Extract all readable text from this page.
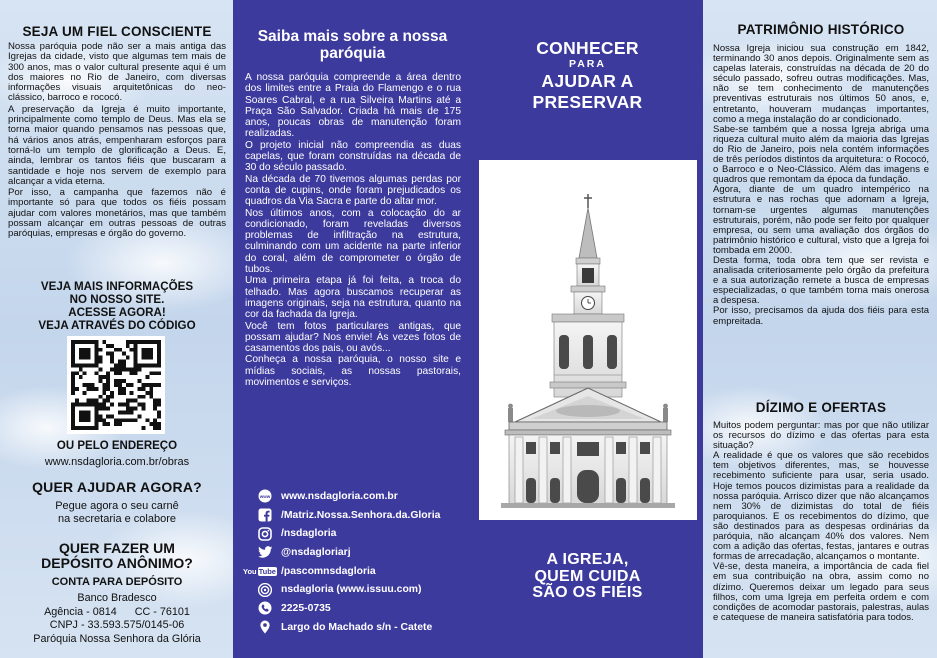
SEJA UM FIEL CONSCIENTE

Nossa paróquia pode não ser a mais antiga das Igrejas da cidade, visto que algumas tem mais de 300 anos, mas o valor cultural presente aqui é um dos maiores no Rio de Janeiro, com diversas informações visuais arquitetônicas do neo-clássico, barroco e rococó.

A preservação da Igreja é muito importante, principalmente como templo de Deus. Mas ela se torna maior quando pensamos nas pessoas que, há vários anos atrás, empenharam esforços para torná-lo um templo de glorificação a Deus. E, ainda, lembrar os tantos fiéis que buscaram a santidade e hoje nos servem de exemplo para alcançar a vida eterna.

Por isso, a campanha que fazemos não é importante só para que todos os fiéis possam ajudar com valores monetários, mas que também possam alcançar em outras pessoas de outras paróquias, empresas e órgão do governo.

VEJA MAIS INFORMAÇÕES
NO NOSSO SITE.
ACESSE AGORA!
VEJA ATRAVÉS DO CÓDIGO
OU PELO ENDEREÇO
www.nsdagloria.com.br/obras
QUER AJUDAR AGORA?
Pegue agora o seu carnê
na secretaria e colabore
QUER FAZER UM
DEPÓSITO ANÔNIMO?
CONTA PARA DEPÓSITO
Banco Bradesco
Agência - 0814      CC - 76101
CNPJ - 33.593.575/0145-06
Paróquia Nossa Senhora da Glória
Saiba mais sobre a nossa paróquia

A nossa paróquia compreende a área dentro dos limites entre a Praia do Flamengo e o rua Soares Cabral, e a rua Silveira Martins até a Praça São Salvador. Criada há mais de 175 anos, poucas obras de manutenção foram realizadas.

O projeto inicial não compreendia as duas capelas, que foram construídas na década de 30 do século passado.

Na década de 70 tivemos algumas perdas por conta de cupins, onde foram prejudicados os quadros da Via Sacra e parte do altar mor.

Nos últimos anos, com a colocação do ar condicionado, foram reveladas diversos problemas de infiltração na estrutura, culminando com um acidente na parte inferior do coral, além de comprometer o órgão de tubos.

Uma primeira etapa já foi feita, a troca do telhado. Mas agora buscamos recuperar as imagens originais, seja na estrutura, quanto na cor da fachada da Igreja.

Você tem fotos particulares antigas, que possam ajudar? Nos envie! Às vezes fotos de casamentos dos pais, ou avós...

Conheça a nossa paróquia, o nosso site e mídias sociais, as nossas pastorais, movimentos e serviços.

www www.nsdagloria.com.br
/Matriz.Nossa.Senhora.da.Gloria
/nsdagloria
@nsdagloriarj
You Tube /pascomnsdagloria
nsdagloria (www.issuu.com)
2225-0735
Largo do Machado s/n - Catete
CONHECER
PARA
AJUDAR A
PRESERVAR
A IGREJA,
QUEM CUIDA
SÃO OS FIÉIS
PATRIMÔNIO HISTÓRICO

Nossa Igreja iniciou sua construção em 1842, terminando 30 anos depois. Originalmente sem as capelas laterais, construídas na década de 20 do século passado, sofreu outras modificações. Mas, não se tem conhecimento de manutenções preventivas estruturais nos últimos 50 anos, e, entretanto, houveram mudanças importantes, como a mega instalação do ar condicionado.

Sabe-se também que a nossa Igreja abriga uma riqueza cultural muito além da maioria das Igrejas do Rio de Janeiro, pois nela contém informações de três períodos distintos da arquitetura: o Rococó, o Barroco e o Neo-Clássico. Além das imagens e quadros que remontam da época da fundação.

Agora, diante de um quadro intempérico na estrutura e nas rochas que adornam a Igreja, tornam-se urgentes algumas manutenções estruturais, porém, não pode ser feito por qualquer empresa, ou sem uma avaliação dos órgãos do patrimônio histórico e cultural, visto que a Igreja foi tombada em 2000.

Desta forma, toda obra tem que ser revista e analisada criteriosamente pelo órgão da prefeitura e a sua autorização remete a busca de empresas especializadas, o que também torna mais onerosa a despesa.

Por isso, precisamos da ajuda dos fiéis para esta empreitada.

DÍZIMO E OFERTAS

Muitos podem perguntar: mas por que não utilizar os recursos do dízimo e das ofertas para esta situação?

A realidade é que os valores que são recebidos tem objetivos diferentes, mas, se houvesse recebimento suficiente para usar, seria usado. Hoje temos poucos dizimistas para a realidade da nossa paróquia. Arrisco dizer que não alcançamos nem 30% de dizimistas do total de fiéis paroquianos. E os recebimentos do dízimo, que são destinados para as despesas ordinárias da paróquia, não alcançam 40% dos valores. Nem com a adição das ofertas, festas, jantares e outras formas de arrecadação, alcançamos o montante.

Vê-se, desta maneira, a importância de cada fiel em sua contribuição na obra, assim como no dízimo. Queremos deixar um legado para seus filhos, com uma Igreja em perfeita ordem e com condições de acomodar pastorais, palestras, aulas e catequese de maneira satisfatória para todos.
